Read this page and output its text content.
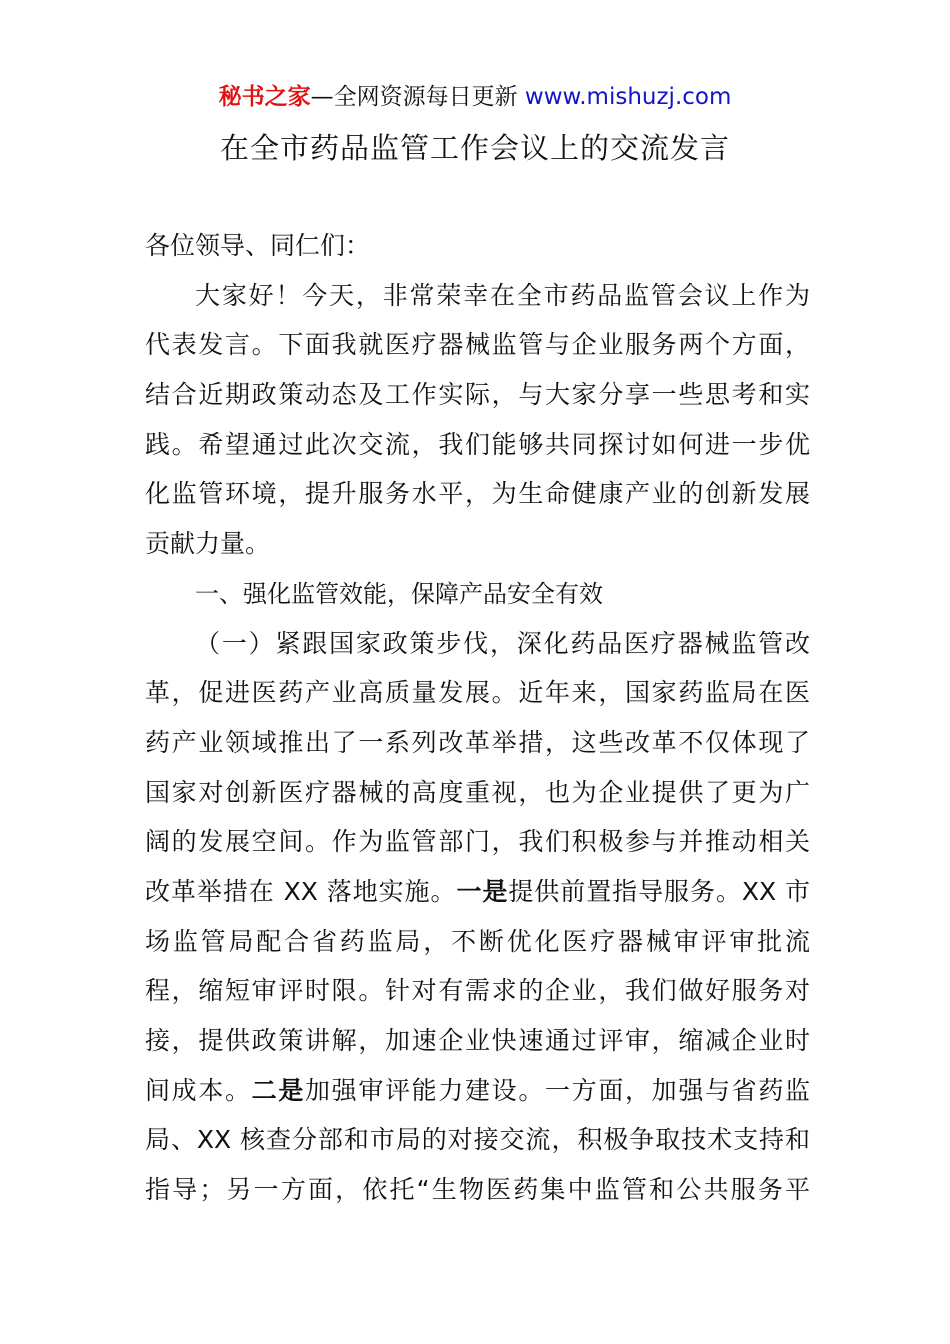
秘书之家—全网资源每日更新 www.mishuzj.com
在全市药品监管工作会议上的交流发言
各位领导、同仁们：
大家好！今天，非常荣幸在全市药品监管会议上作为
代表发言。下面我就医疗器械监管与企业服务两个方面，
结合近期政策动态及工作实际，与大家分享一些思考和实
践。希望通过此次交流，我们能够共同探讨如何进一步优
化监管环境，提升服务水平，为生命健康产业的创新发展
贡献力量。
一、强化监管效能，保障产品安全有效
（一）紧跟国家政策步伐，深化药品医疗器械监管改
革，促进医药产业高质量发展。近年来，国家药监局在医
药产业领域推出了一系列改革举措，这些改革不仅体现了
国家对创新医疗器械的高度重视，也为企业提供了更为广
阔的发展空间。作为监管部门，我们积极参与并推动相关
改革举措在 XX 落地实施。一是提供前置指导服务。XX 市
场监管局配合省药监局，不断优化医疗器械审评审批流
程，缩短审评时限。针对有需求的企业，我们做好服务对
接，提供政策讲解，加速企业快速通过评审，缩减企业时
间成本。二是加强审评能力建设。一方面，加强与省药监
局、XX 核查分部和市局的对接交流，积极争取技术支持和
指导；另一方面，依托“生物医药集中监管和公共服务平
